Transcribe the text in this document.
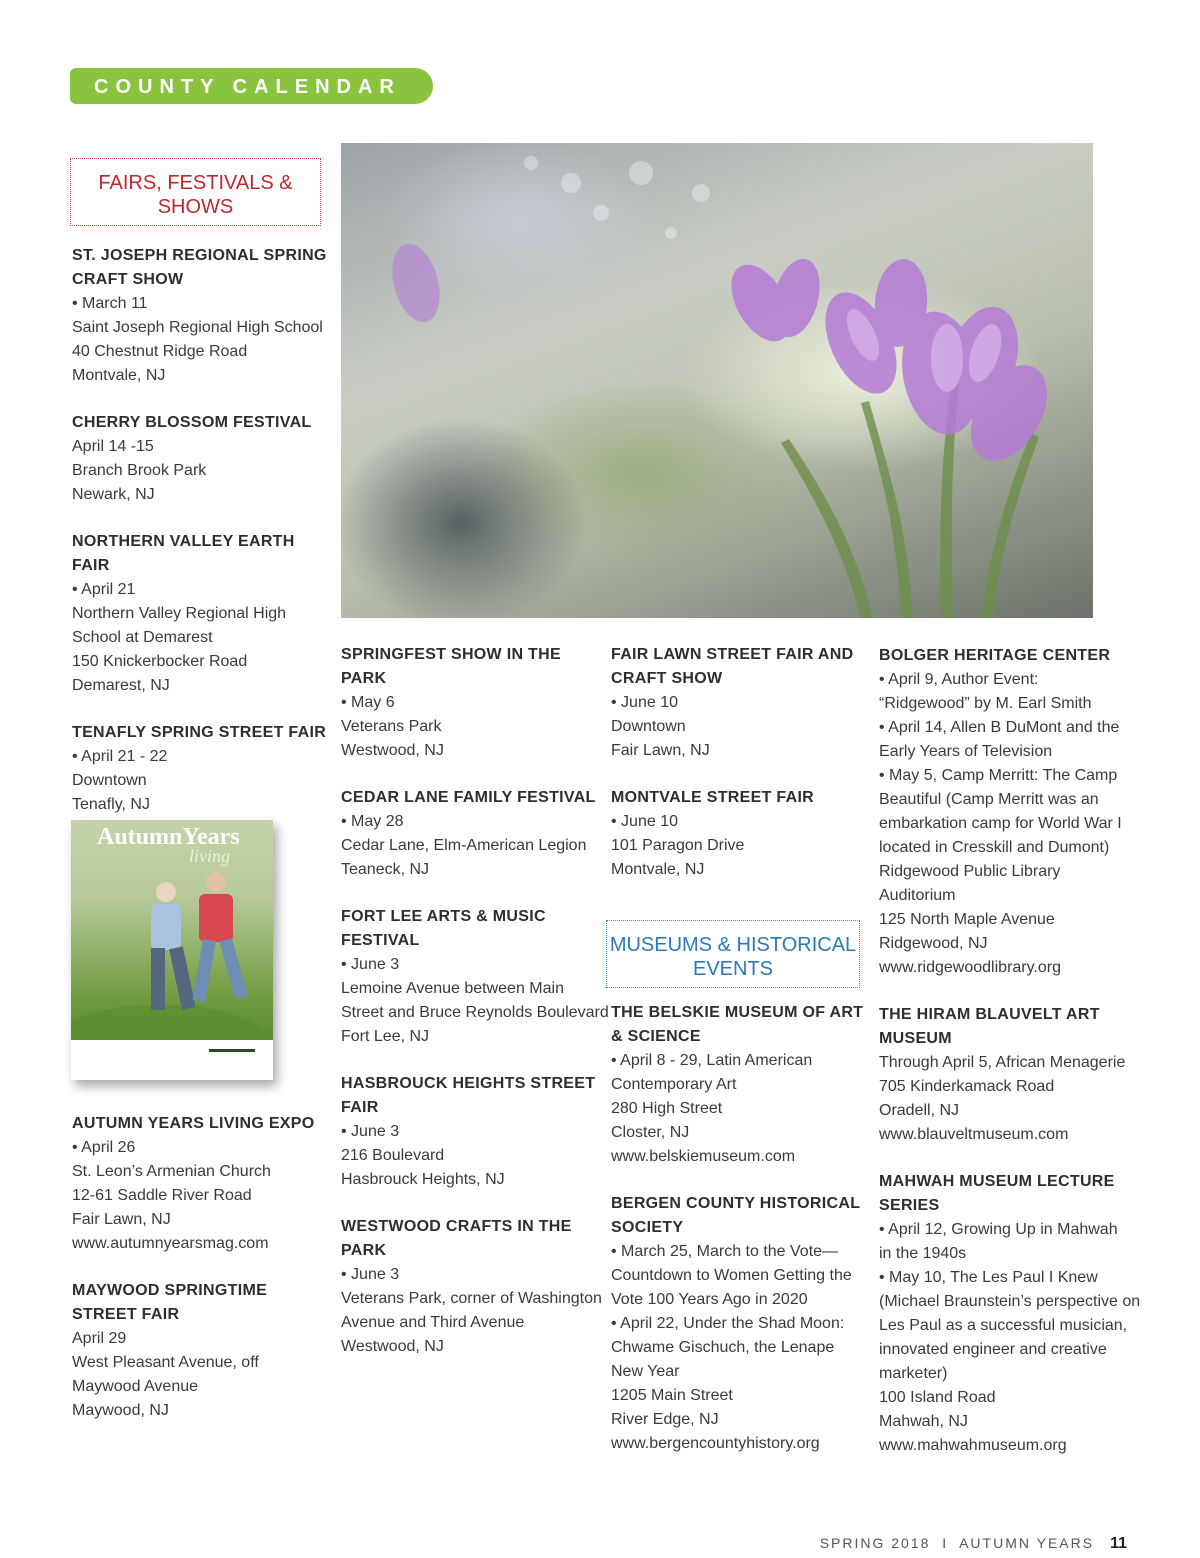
COUNTY CALENDAR
FAIRS, FESTIVALS & SHOWS
ST. JOSEPH REGIONAL SPRING CRAFT SHOW
• March 11
Saint Joseph Regional High School
40 Chestnut Ridge Road
Montvale, NJ
CHERRY BLOSSOM FESTIVAL
April 14 -15
Branch Brook Park
Newark, NJ
NORTHERN VALLEY EARTH FAIR
• April 21
Northern Valley Regional High
School at Demarest
150 Knickerbocker Road
Demarest, NJ
TENAFLY SPRING STREET FAIR
• April 21 - 22
Downtown
Tenafly, NJ
AutumnYears
living
AUTUMN YEARS LIVING EXPO
• April 26
St. Leon’s Armenian Church
12-61 Saddle River Road
Fair Lawn, NJ
www.autumnyearsmag.com
MAYWOOD SPRINGTIME STREET FAIR
April 29
West Pleasant Avenue, off
Maywood Avenue
Maywood, NJ
SPRINGFEST SHOW IN THE PARK
• May 6
Veterans Park
Westwood, NJ
CEDAR LANE FAMILY FESTIVAL
• May 28
Cedar Lane, Elm-American Legion
Teaneck, NJ
FORT LEE ARTS & MUSIC FESTIVAL
• June 3
Lemoine Avenue between Main
Street and Bruce Reynolds Boulevard
Fort Lee, NJ
HASBROUCK HEIGHTS STREET FAIR
• June 3
216 Boulevard
Hasbrouck Heights, NJ
WESTWOOD CRAFTS IN THE PARK
• June 3
Veterans Park, corner of Washington
Avenue and Third Avenue
Westwood, NJ
FAIR LAWN STREET FAIR AND CRAFT SHOW
• June 10
Downtown
Fair Lawn, NJ
MONTVALE STREET FAIR
• June 10
101 Paragon Drive
Montvale, NJ
MUSEUMS & HISTORICAL EVENTS
THE BELSKIE MUSEUM OF ART & SCIENCE
• April 8 - 29, Latin American
Contemporary Art
280 High Street
Closter, NJ
www.belskiemuseum.com
BERGEN COUNTY HISTORICAL SOCIETY
• March 25, March to the Vote—
Countdown to Women Getting the
Vote 100 Years Ago in 2020
• April 22, Under the Shad Moon:
Chwame Gischuch, the Lenape
New Year
1205 Main Street
River Edge, NJ
www.bergencountyhistory.org
BOLGER HERITAGE CENTER
• April 9, Author Event:
“Ridgewood” by M. Earl Smith
• April 14, Allen B DuMont and the
Early Years of Television
• May 5, Camp Merritt: The Camp
Beautiful (Camp Merritt was an
embarkation camp for World War I
located in Cresskill and Dumont)
Ridgewood Public Library
Auditorium
125 North Maple Avenue
Ridgewood, NJ
www.ridgewoodlibrary.org
THE HIRAM BLAUVELT ART MUSEUM
Through April 5, African Menagerie
705 Kinderkamack Road
Oradell, NJ
www.blauveltmuseum.com
MAHWAH MUSEUM LECTURE SERIES
• April 12, Growing Up in Mahwah
in the 1940s
• May 10, The Les Paul I Knew
(Michael Braunstein’s perspective on
Les Paul as a successful musician,
innovated engineer and creative
marketer)
100 Island Road
Mahwah, NJ
www.mahwahmuseum.org
SPRING 2018  I  AUTUMN YEARS 11
